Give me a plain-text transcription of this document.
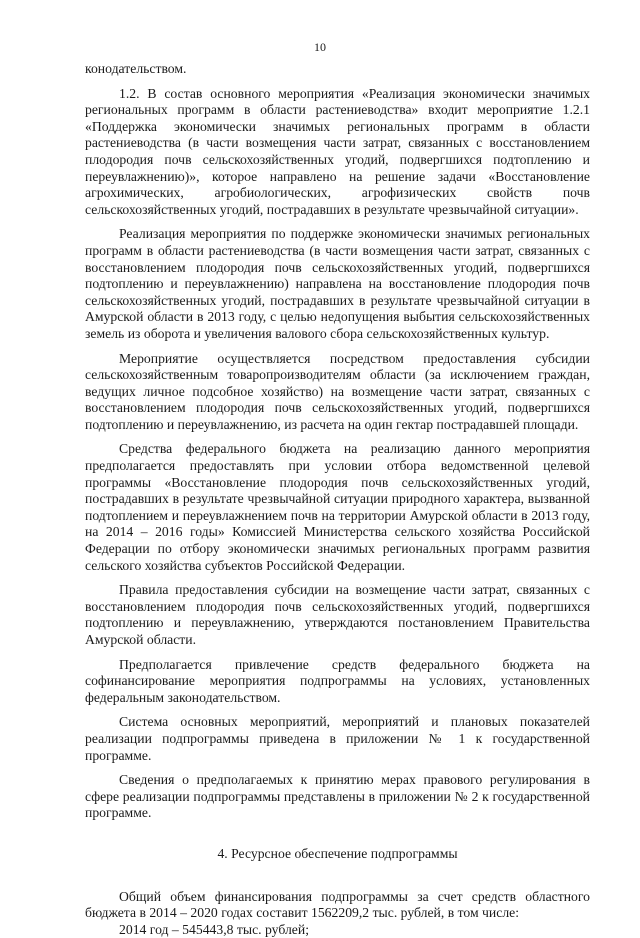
10

конодательством.

1.2. В состав основного мероприятия «Реализация экономически значимых региональных программ в области растениеводства» входит мероприятие 1.2.1 «Поддержка экономически значимых региональных программ в области растениеводства (в части возмещения части затрат, связанных с восстановлением плодородия почв сельскохозяйственных угодий, подвергшихся подтоплению и переувлажнению)», которое направлено на решение задачи «Восстановление агрохимических, агробиологических, агрофизических свойств почв сельскохозяйственных угодий, пострадавших в результате чрезвычайной ситуации».

Реализация мероприятия по поддержке экономически значимых региональных программ в области растениеводства (в части возмещения части затрат, связанных с восстановлением плодородия почв сельскохозяйственных угодий, подвергшихся подтоплению и переувлажнению) направлена на восстановление плодородия почв сельскохозяйственных угодий, пострадавших в результате чрезвычайной ситуации в Амурской области в 2013 году, с целью недопущения выбытия сельскохозяйственных земель из оборота и увеличения валового сбора сельскохозяйственных культур.

Мероприятие осуществляется посредством предоставления субсидии сельскохозяйственным товаропроизводителям области (за исключением граждан, ведущих личное подсобное хозяйство) на возмещение части затрат, связанных с восстановлением плодородия почв сельскохозяйственных угодий, подвергшихся подтоплению и переувлажнению, из расчета на один гектар пострадавшей площади.

Средства федерального бюджета на реализацию данного мероприятия предполагается предоставлять при условии отбора ведомственной целевой программы «Восстановление плодородия почв сельскохозяйственных угодий, пострадавших в результате чрезвычайной ситуации природного характера, вызванной подтоплением и переувлажнением почв на территории Амурской области в 2013 году, на 2014 – 2016 годы» Комиссией Министерства сельского хозяйства Российской Федерации по отбору экономически значимых региональных программ развития сельского хозяйства субъектов Российской Федерации.

Правила предоставления субсидии на возмещение части затрат, связанных с восстановлением плодородия почв сельскохозяйственных угодий, подвергшихся подтоплению и переувлажнению, утверждаются постановлением Правительства Амурской области.

Предполагается привлечение средств федерального бюджета на софинансирование мероприятия подпрограммы на условиях, установленных федеральным законодательством.

Система основных мероприятий, мероприятий и плановых показателей реализации подпрограммы приведена в приложении № 1 к государственной программе.

Сведения о предполагаемых к принятию мерах правового регулирования в сфере реализации подпрограммы представлены в приложении № 2 к государственной программе.

4. Ресурсное обеспечение подпрограммы

Общий объем финансирования подпрограммы за счет средств областного бюджета в 2014 – 2020 годах составит 1562209,2 тыс. рублей, в том числе:

2014 год – 545443,8 тыс. рублей;
